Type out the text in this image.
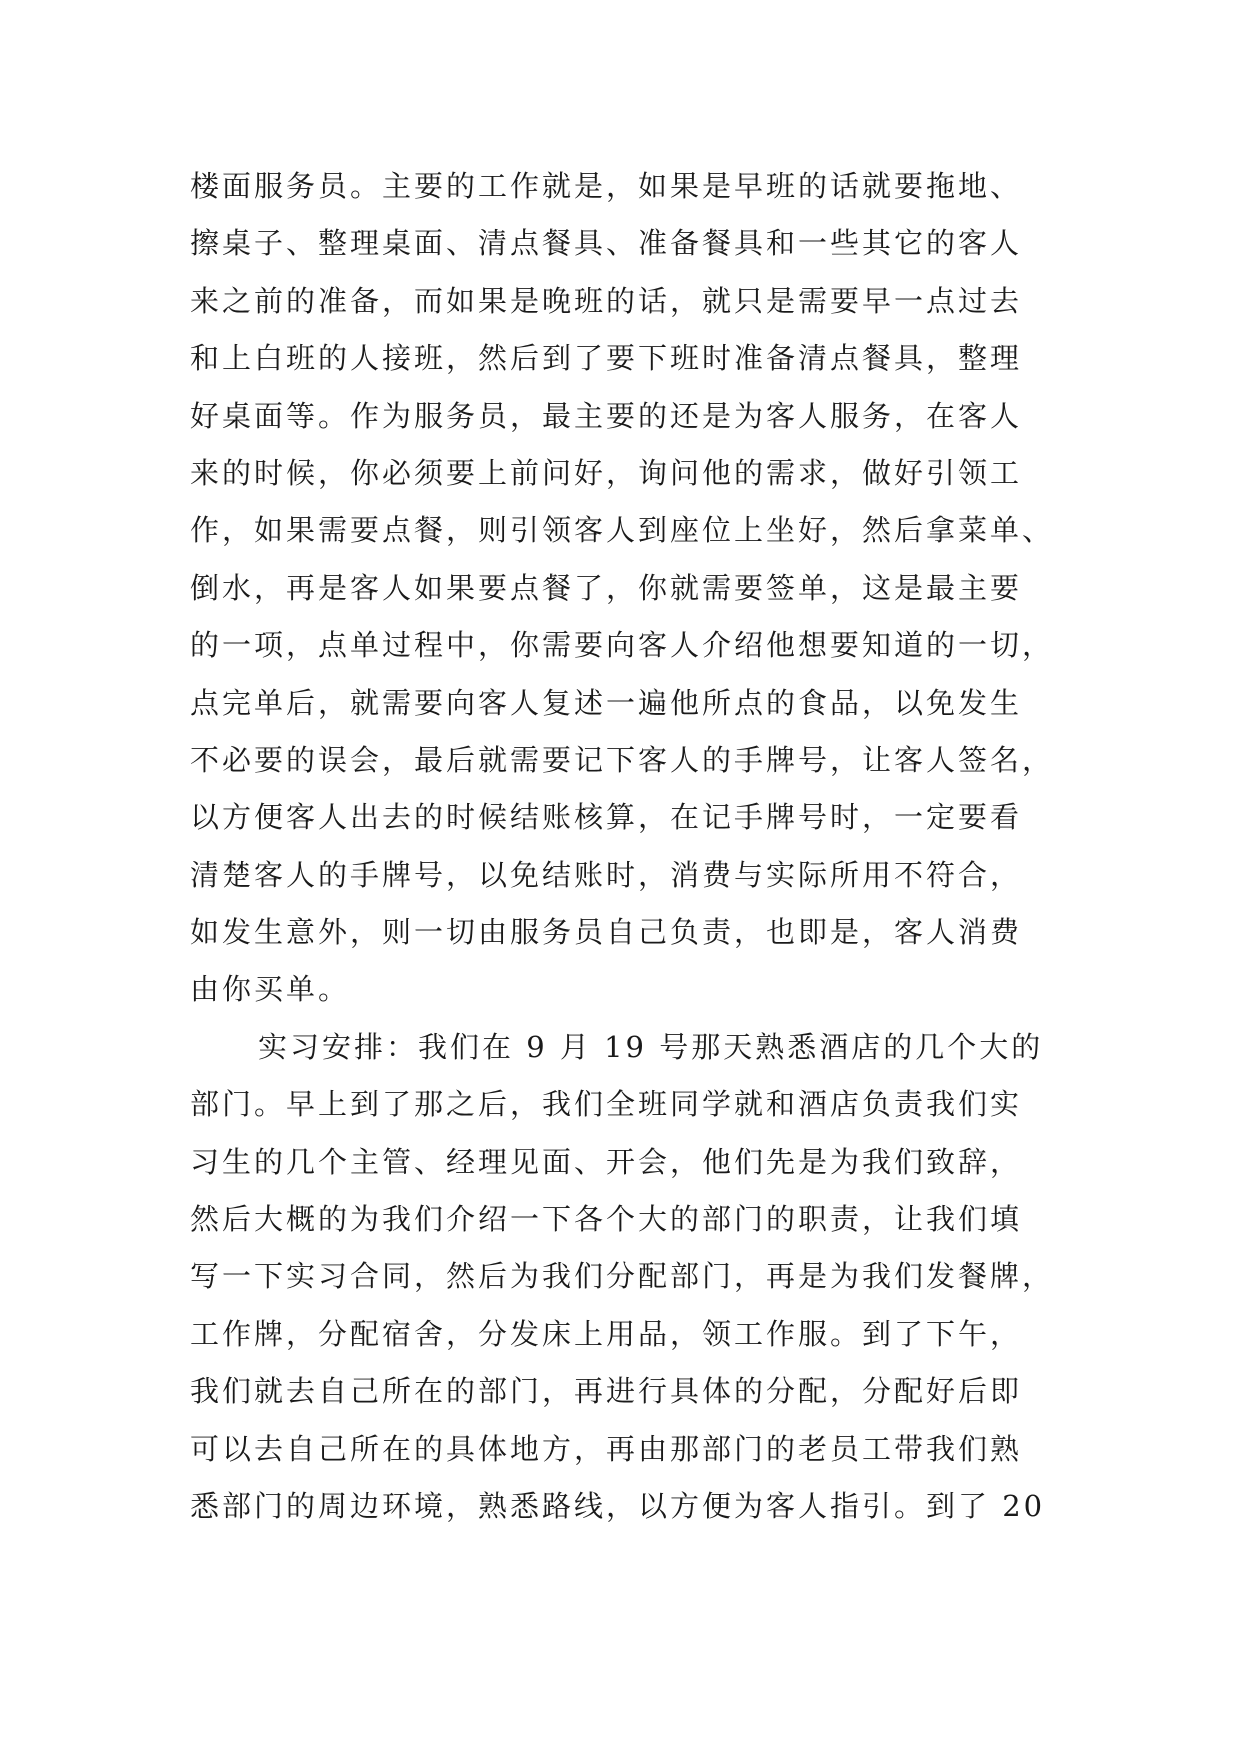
楼面服务员。主要的工作就是，如果是早班的话就要拖地、
擦桌子、整理桌面、清点餐具、准备餐具和一些其它的客人
来之前的准备，而如果是晚班的话，就只是需要早一点过去
和上白班的人接班，然后到了要下班时准备清点餐具，整理
好桌面等。作为服务员，最主要的还是为客人服务，在客人
来的时候，你必须要上前问好，询问他的需求，做好引领工
作，如果需要点餐，则引领客人到座位上坐好，然后拿菜单、
倒水，再是客人如果要点餐了，你就需要签单，这是最主要
的一项，点单过程中，你需要向客人介绍他想要知道的一切，
点完单后，就需要向客人复述一遍他所点的食品，以免发生
不必要的误会，最后就需要记下客人的手牌号，让客人签名，
以方便客人出去的时候结账核算，在记手牌号时，一定要看
清楚客人的手牌号，以免结账时，消费与实际所用不符合，
如发生意外，则一切由服务员自己负责，也即是，客人消费
由你买单。
实习安排：我们在 9 月 19 号那天熟悉酒店的几个大的
部门。早上到了那之后，我们全班同学就和酒店负责我们实
习生的几个主管、经理见面、开会，他们先是为我们致辞，
然后大概的为我们介绍一下各个大的部门的职责，让我们填
写一下实习合同，然后为我们分配部门，再是为我们发餐牌，
工作牌，分配宿舍，分发床上用品，领工作服。到了下午，
我们就去自己所在的部门，再进行具体的分配，分配好后即
可以去自己所在的具体地方，再由那部门的老员工带我们熟
悉部门的周边环境，熟悉路线，以方便为客人指引。到了 20
